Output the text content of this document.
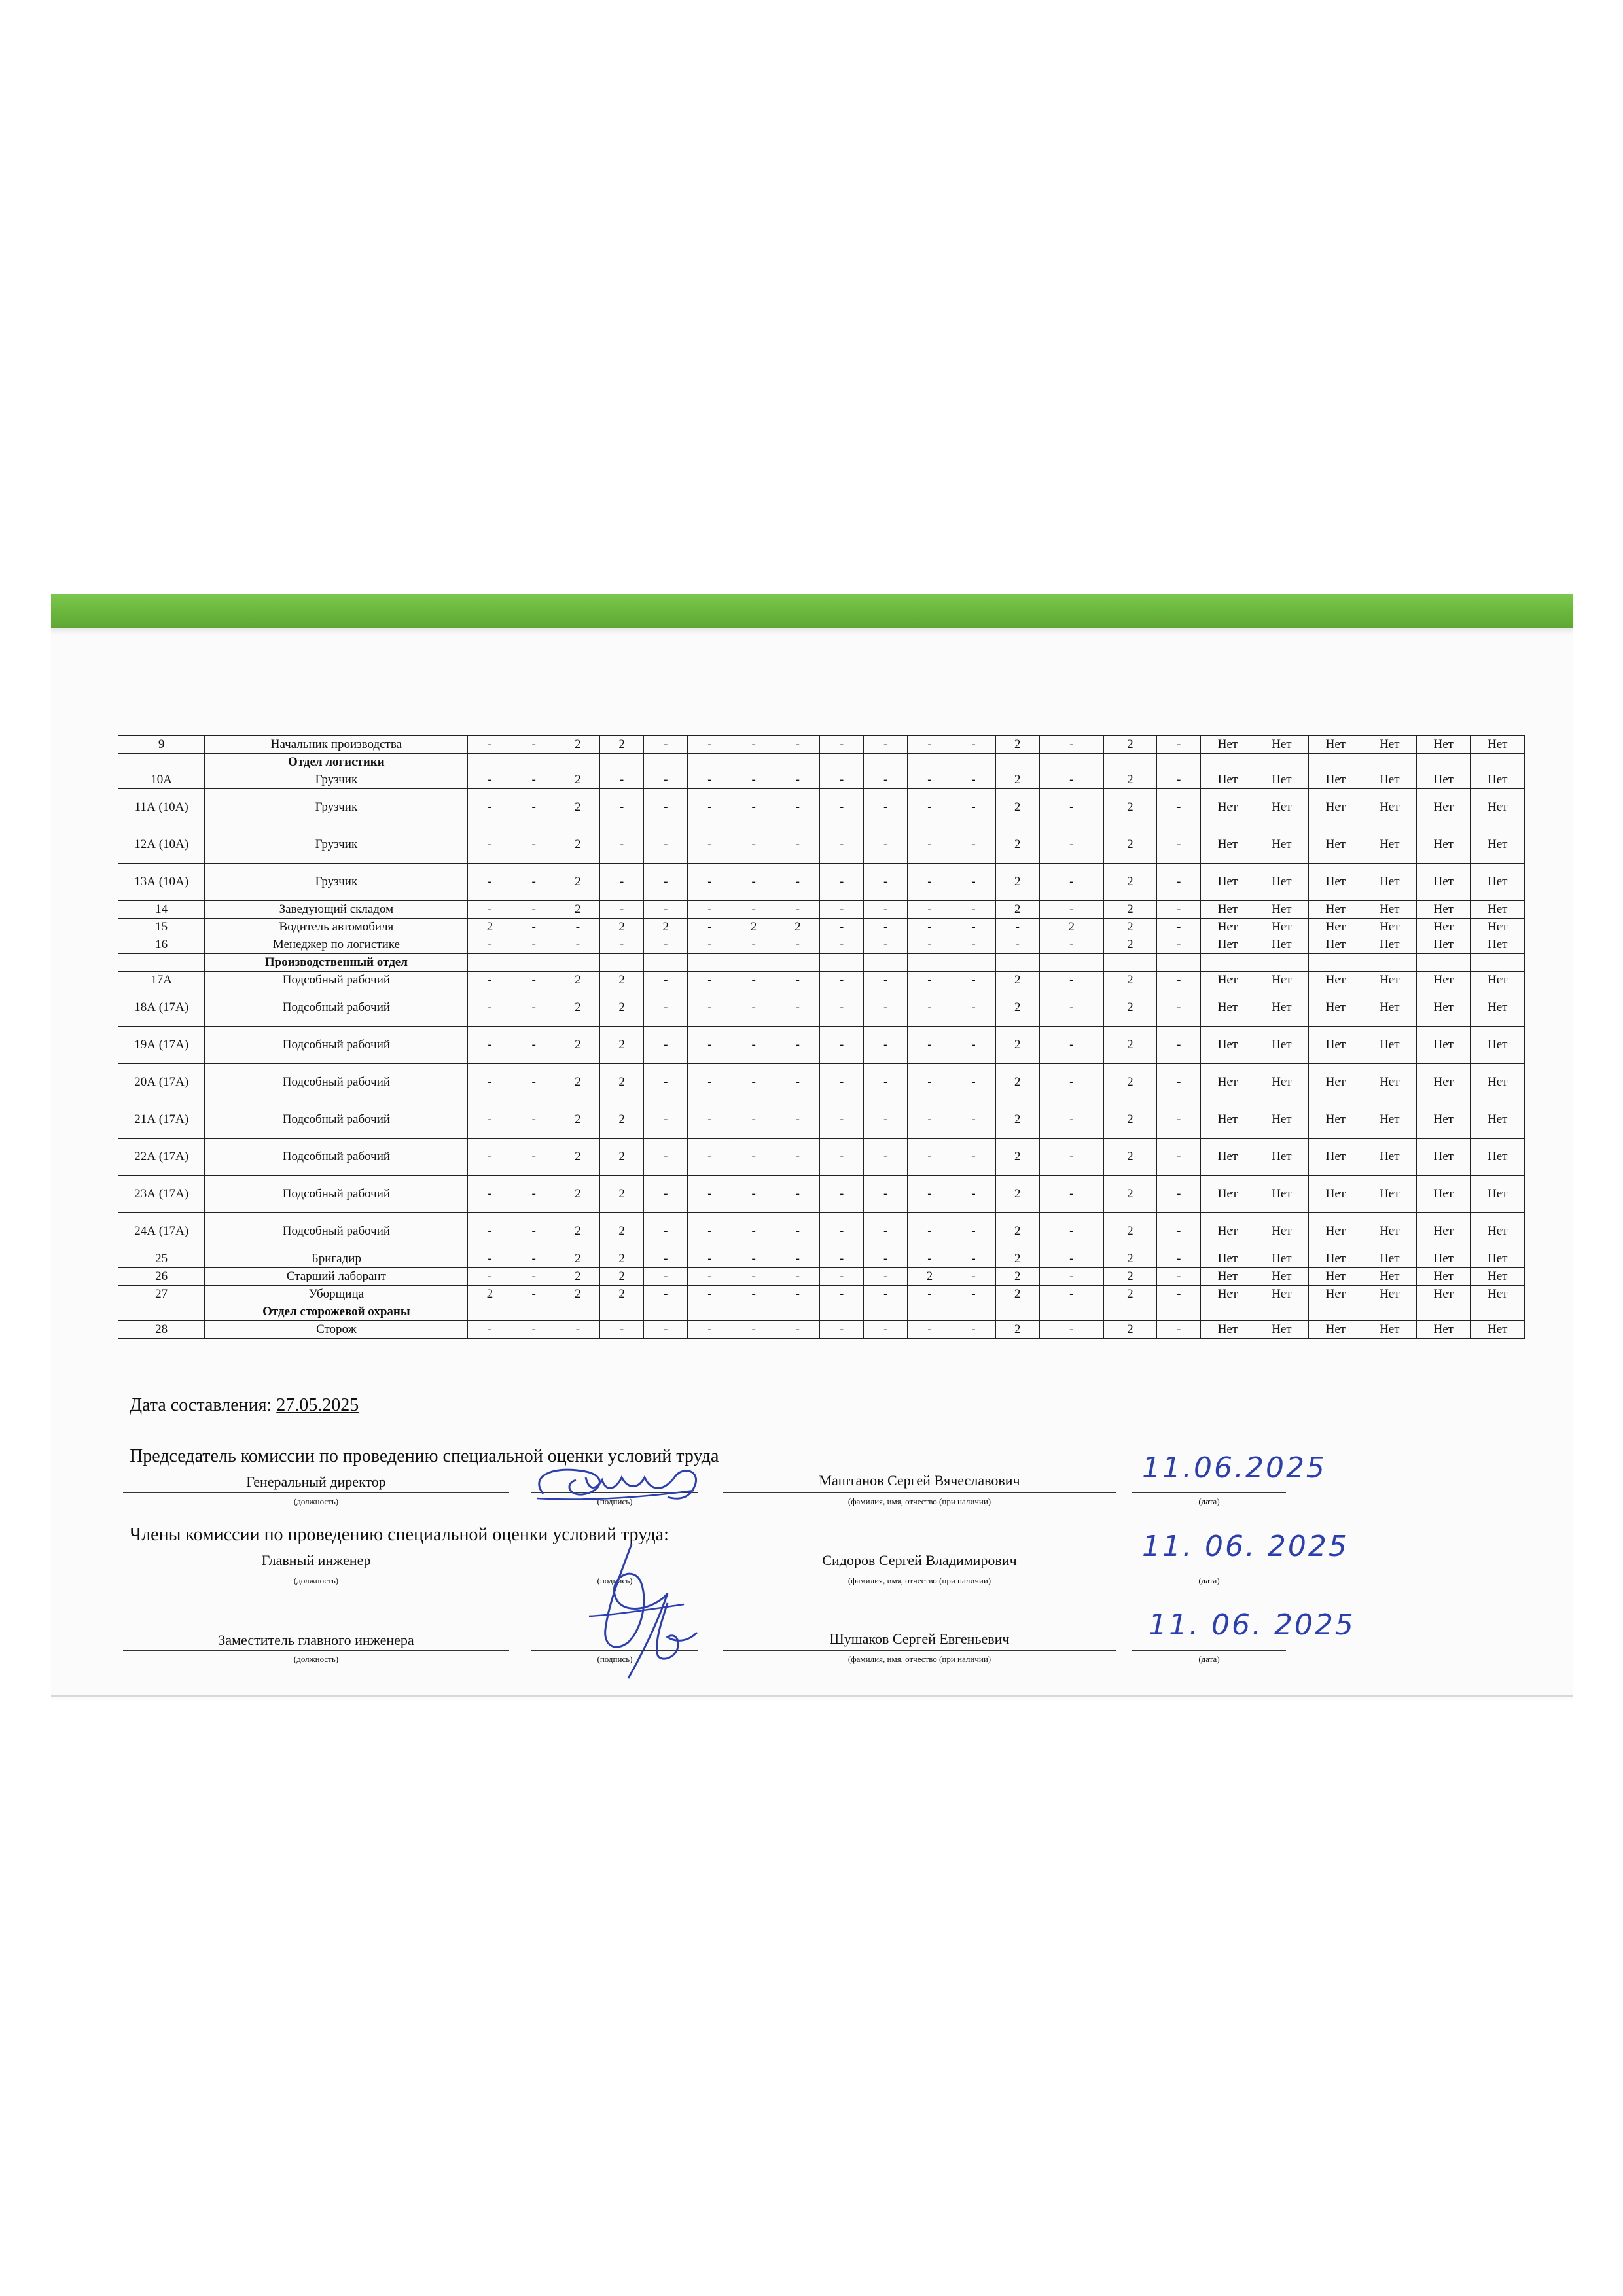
9	Начальник производства	-	-	2	2	-	-	-	-	-	-	-	-	2	-	2	-	Нет	Нет	Нет	Нет	Нет	Нет
	Отдел логистики																						
10А	Грузчик	-	-	2	-	-	-	-	-	-	-	-	-	2	-	2	-	Нет	Нет	Нет	Нет	Нет	Нет
11А (10А)	Грузчик	-	-	2	-	-	-	-	-	-	-	-	-	2	-	2	-	Нет	Нет	Нет	Нет	Нет	Нет
12А (10А)	Грузчик	-	-	2	-	-	-	-	-	-	-	-	-	2	-	2	-	Нет	Нет	Нет	Нет	Нет	Нет
13А (10А)	Грузчик	-	-	2	-	-	-	-	-	-	-	-	-	2	-	2	-	Нет	Нет	Нет	Нет	Нет	Нет
14	Заведующий складом	-	-	2	-	-	-	-	-	-	-	-	-	2	-	2	-	Нет	Нет	Нет	Нет	Нет	Нет
15	Водитель автомобиля	2	-	-	2	2	-	2	2	-	-	-	-	-	2	2	-	Нет	Нет	Нет	Нет	Нет	Нет
16	Менеджер по логистике	-	-	-	-	-	-	-	-	-	-	-	-	-	-	2	-	Нет	Нет	Нет	Нет	Нет	Нет
	Производственный отдел																						
17А	Подсобный рабочий	-	-	2	2	-	-	-	-	-	-	-	-	2	-	2	-	Нет	Нет	Нет	Нет	Нет	Нет
18А (17А)	Подсобный рабочий	-	-	2	2	-	-	-	-	-	-	-	-	2	-	2	-	Нет	Нет	Нет	Нет	Нет	Нет
19А (17А)	Подсобный рабочий	-	-	2	2	-	-	-	-	-	-	-	-	2	-	2	-	Нет	Нет	Нет	Нет	Нет	Нет
20А (17А)	Подсобный рабочий	-	-	2	2	-	-	-	-	-	-	-	-	2	-	2	-	Нет	Нет	Нет	Нет	Нет	Нет
21А (17А)	Подсобный рабочий	-	-	2	2	-	-	-	-	-	-	-	-	2	-	2	-	Нет	Нет	Нет	Нет	Нет	Нет
22А (17А)	Подсобный рабочий	-	-	2	2	-	-	-	-	-	-	-	-	2	-	2	-	Нет	Нет	Нет	Нет	Нет	Нет
23А (17А)	Подсобный рабочий	-	-	2	2	-	-	-	-	-	-	-	-	2	-	2	-	Нет	Нет	Нет	Нет	Нет	Нет
24А (17А)	Подсобный рабочий	-	-	2	2	-	-	-	-	-	-	-	-	2	-	2	-	Нет	Нет	Нет	Нет	Нет	Нет
25	Бригадир	-	-	2	2	-	-	-	-	-	-	-	-	2	-	2	-	Нет	Нет	Нет	Нет	Нет	Нет
26	Старший лаборант	-	-	2	2	-	-	-	-	-	-	2	-	2	-	2	-	Нет	Нет	Нет	Нет	Нет	Нет
27	Уборщица	2	-	2	2	-	-	-	-	-	-	-	-	2	-	2	-	Нет	Нет	Нет	Нет	Нет	Нет
	Отдел сторожевой охраны																						
28	Сторож	-	-	-	-	-	-	-	-	-	-	-	-	2	-	2	-	Нет	Нет	Нет	Нет	Нет	Нет
Дата составления: 27.05.2025
Председатель комиссии по проведению специальной оценки условий труда
Генеральный директор
(должность)	(подпись)
Маштанов Сергей Вячеславович
(фамилия, имя, отчество (при наличии)
11.06.2025
(дата)
Члены комиссии по проведению специальной оценки условий труда:
Главный инженер
(должность)	(подпись)
Сидоров Сергей Владимирович
(фамилия, имя, отчество (при наличии)
11. 06. 2025
(дата)
Заместитель главного инженера
(должность)	(подпись)
Шушаков Сергей Евгеньевич
(фамилия, имя, отчество (при наличии)
11. 06. 2025
(дата)
